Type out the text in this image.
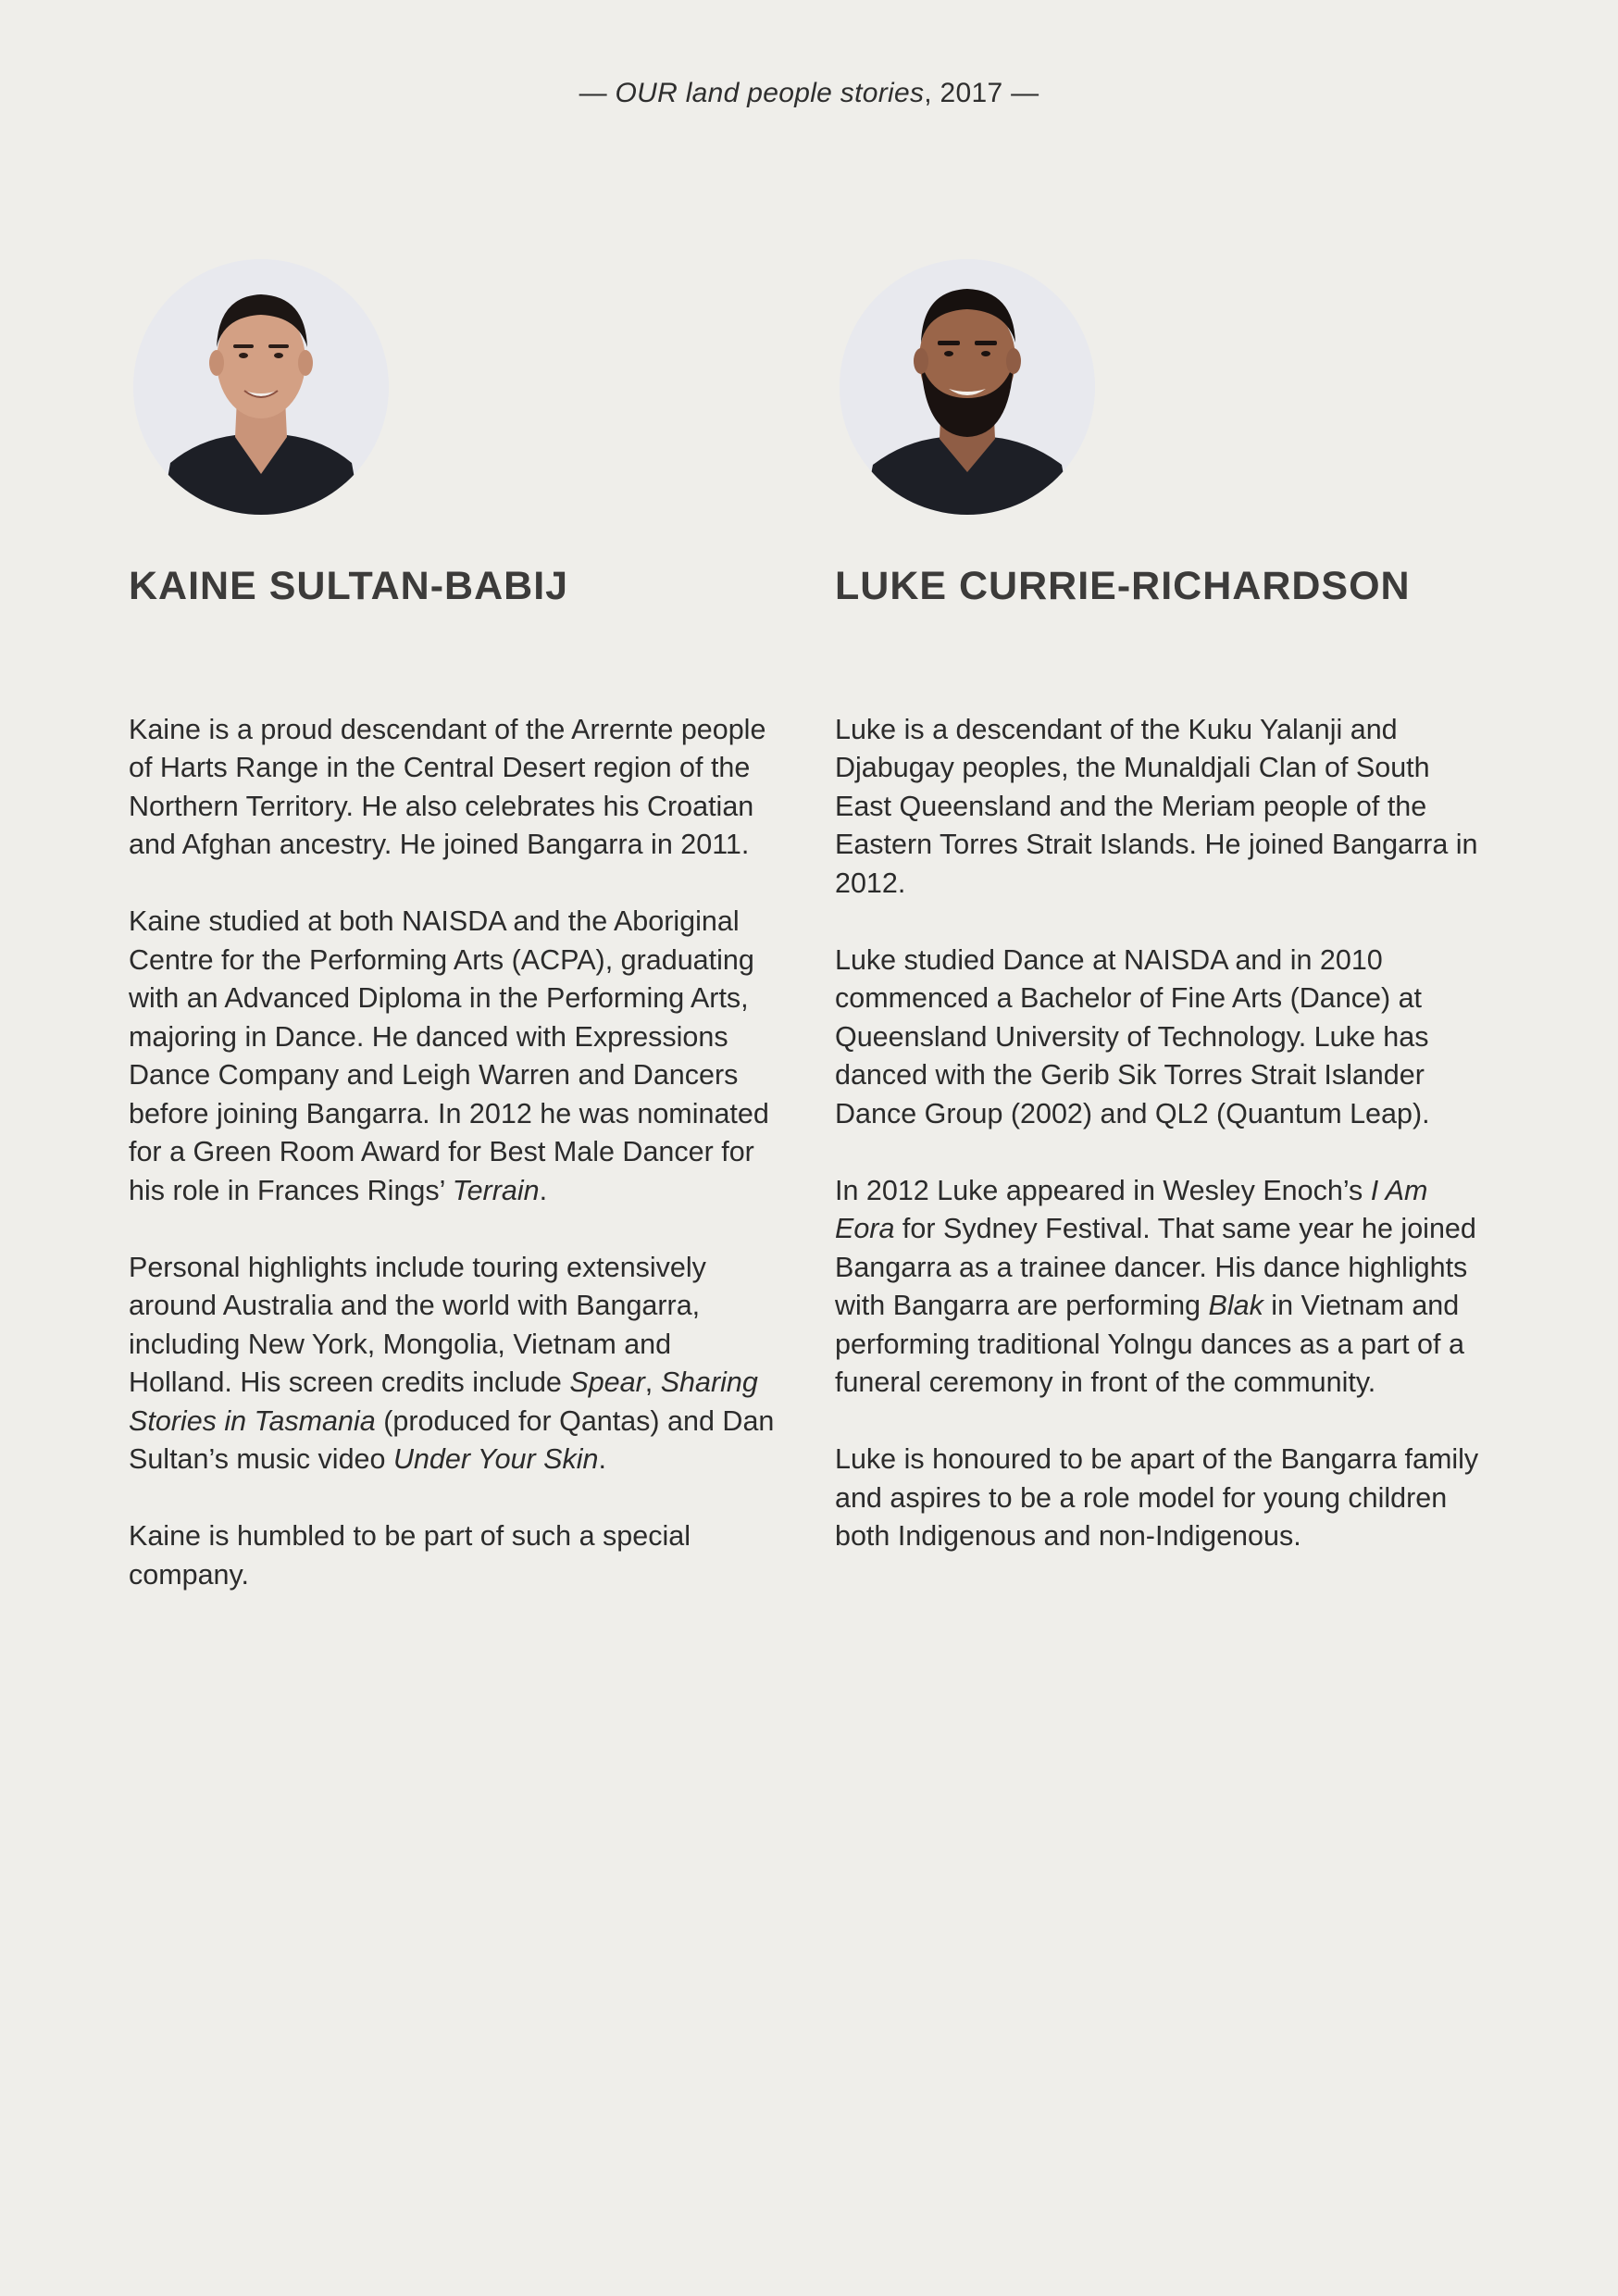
— OUR land people stories, 2017 —
KAINE SULTAN-BABIJ

Kaine is a proud descendant of the Arrernte people of Harts Range in the Central Desert region of the Northern Territory. He also celebrates his Croatian and Afghan ancestry. He joined Bangarra in 2011.

Kaine studied at both NAISDA and the Aboriginal Centre for the Performing Arts (ACPA), graduating with an Advanced Diploma in the Performing Arts, majoring in Dance. He danced with Expressions Dance Company and Leigh Warren and Dancers before joining Bangarra. In 2012 he was nominated for a Green Room Award for Best Male Dancer for his role in Frances Rings’ Terrain.

Personal highlights include touring extensively around Australia and the world with Bangarra, including New York, Mongolia, Vietnam and Holland. His screen credits include Spear, Sharing Stories in Tasmania (produced for Qantas) and Dan Sultan’s music video Under Your Skin.

Kaine is humbled to be part of such a special company.

LUKE CURRIE-RICHARDSON

Luke is a descendant of the Kuku Yalanji and Djabugay peoples, the Munaldjali Clan of South East Queensland and the Meriam people of the Eastern Torres Strait Islands. He joined Bangarra in 2012.

Luke studied Dance at NAISDA and in 2010 commenced a Bachelor of Fine Arts (Dance) at Queensland University of Technology. Luke has danced with the Gerib Sik Torres Strait Islander Dance Group (2002) and QL2 (Quantum Leap).

In 2012 Luke appeared in Wesley Enoch’s I Am Eora for Sydney Festival. That same year he joined Bangarra as a trainee dancer. His dance highlights with Bangarra are performing Blak in Vietnam and performing traditional Yolngu dances as a part of a funeral ceremony in front of the community.

Luke is honoured to be apart of the Bangarra family and aspires to be a role model for young children both Indigenous and non-Indigenous.
